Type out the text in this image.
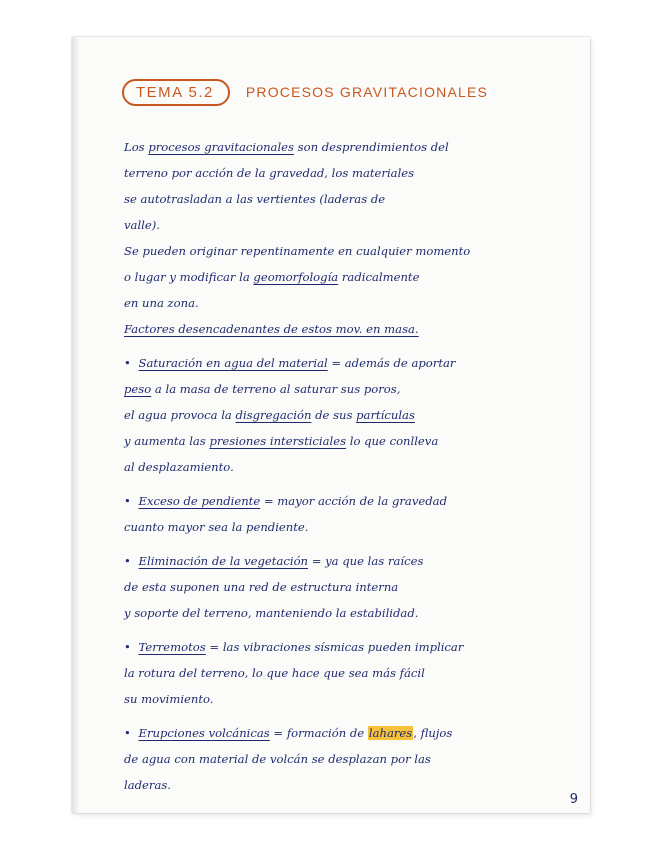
TEMA 5.2	PROCESOS GRAVITACIONALES
Los procesos gravitacionales son desprendimientos del
terreno por acción de la gravedad, los materiales
se autotrasladan a las vertientes (laderas de
valle).
Se pueden originar repentinamente en cualquier momento
o lugar y modificar la geomorfología radicalmente
en una zona.
Factores desencadenantes de estos mov. en masa.
• Saturación en agua del material = además de aportar
peso a la masa de terreno al saturar sus poros,
el agua provoca la disgregación de sus partículas
y aumenta las presiones intersticiales lo que conlleva
al desplazamiento.
• Exceso de pendiente = mayor acción de la gravedad
cuanto mayor sea la pendiente.
• Eliminación de la vegetación = ya que las raíces
de esta suponen una red de estructura interna
y soporte del terreno, manteniendo la estabilidad.
• Terremotos = las vibraciones sísmicas pueden implicar
la rotura del terreno, lo que hace que sea más fácil
su movimiento.
• Erupciones volcánicas = formación de lahares, flujos
de agua con material de volcán se desplazan por las
laderas.
9
